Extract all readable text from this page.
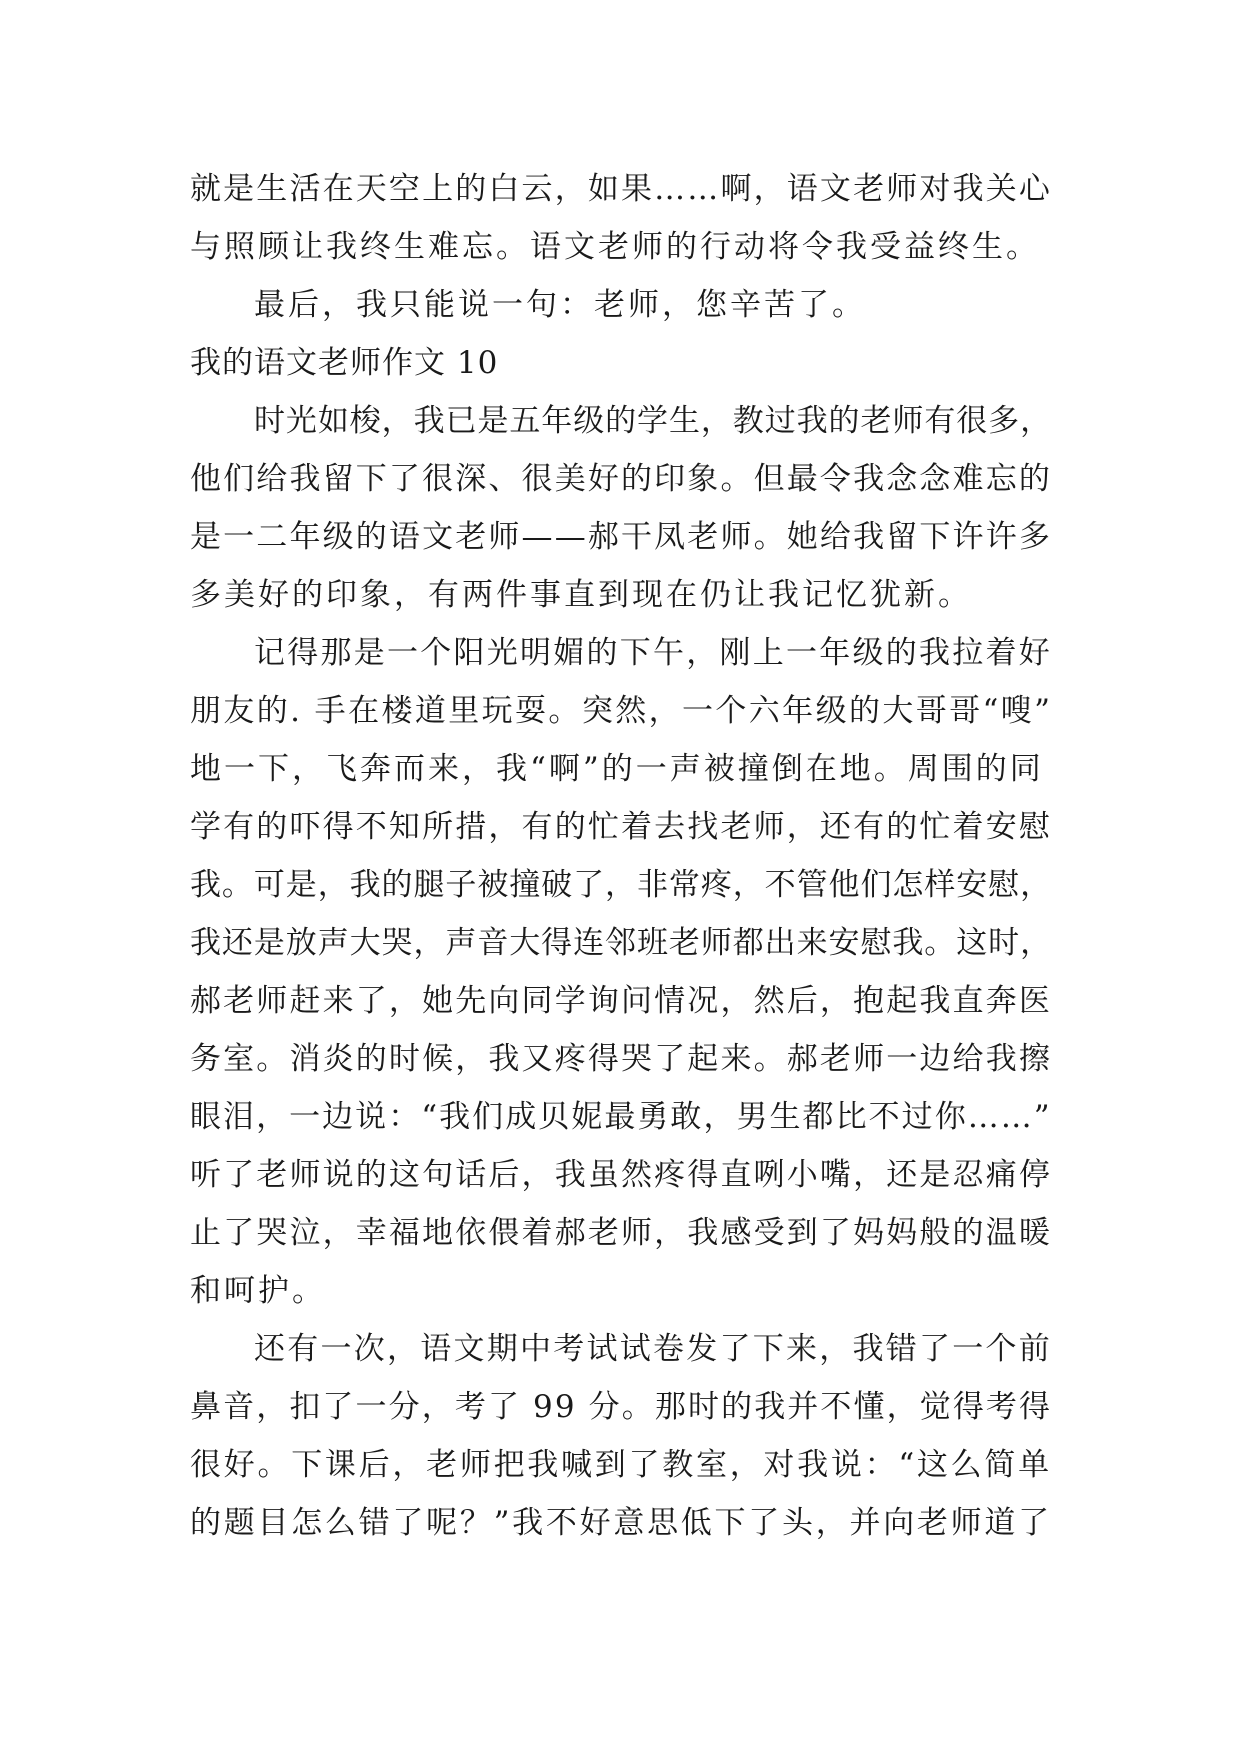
就是生活在天空上的白云，如果……啊，语文老师对我关心
与照顾让我终生难忘。语文老师的行动将令我受益终生。
最后，我只能说一句：老师，您辛苦了。
我的语文老师作文 10
时光如梭，我已是五年级的学生，教过我的老师有很多，
他们给我留下了很深、很美好的印象。但最令我念念难忘的
是一二年级的语文老师——郝干凤老师。她给我留下许许多
多美好的印象，有两件事直到现在仍让我记忆犹新。
记得那是一个阳光明媚的下午，刚上一年级的我拉着好
朋友的. 手在楼道里玩耍。突然，一个六年级的大哥哥“嗖”
地一下，飞奔而来，我“啊”的一声被撞倒在地。周围的同
学有的吓得不知所措，有的忙着去找老师，还有的忙着安慰
我。可是，我的腿子被撞破了，非常疼，不管他们怎样安慰，
我还是放声大哭，声音大得连邻班老师都出来安慰我。这时，
郝老师赶来了，她先向同学询问情况，然后，抱起我直奔医
务室。消炎的时候，我又疼得哭了起来。郝老师一边给我擦
眼泪，一边说：“我们成贝妮最勇敢，男生都比不过你……”
听了老师说的这句话后，我虽然疼得直咧小嘴，还是忍痛停
止了哭泣，幸福地依偎着郝老师，我感受到了妈妈般的温暖
和呵护。
还有一次，语文期中考试试卷发了下来，我错了一个前
鼻音，扣了一分，考了 99 分。那时的我并不懂，觉得考得
很好。下课后，老师把我喊到了教室，对我说：“这么简单
的题目怎么错了呢？”我不好意思低下了头，并向老师道了
